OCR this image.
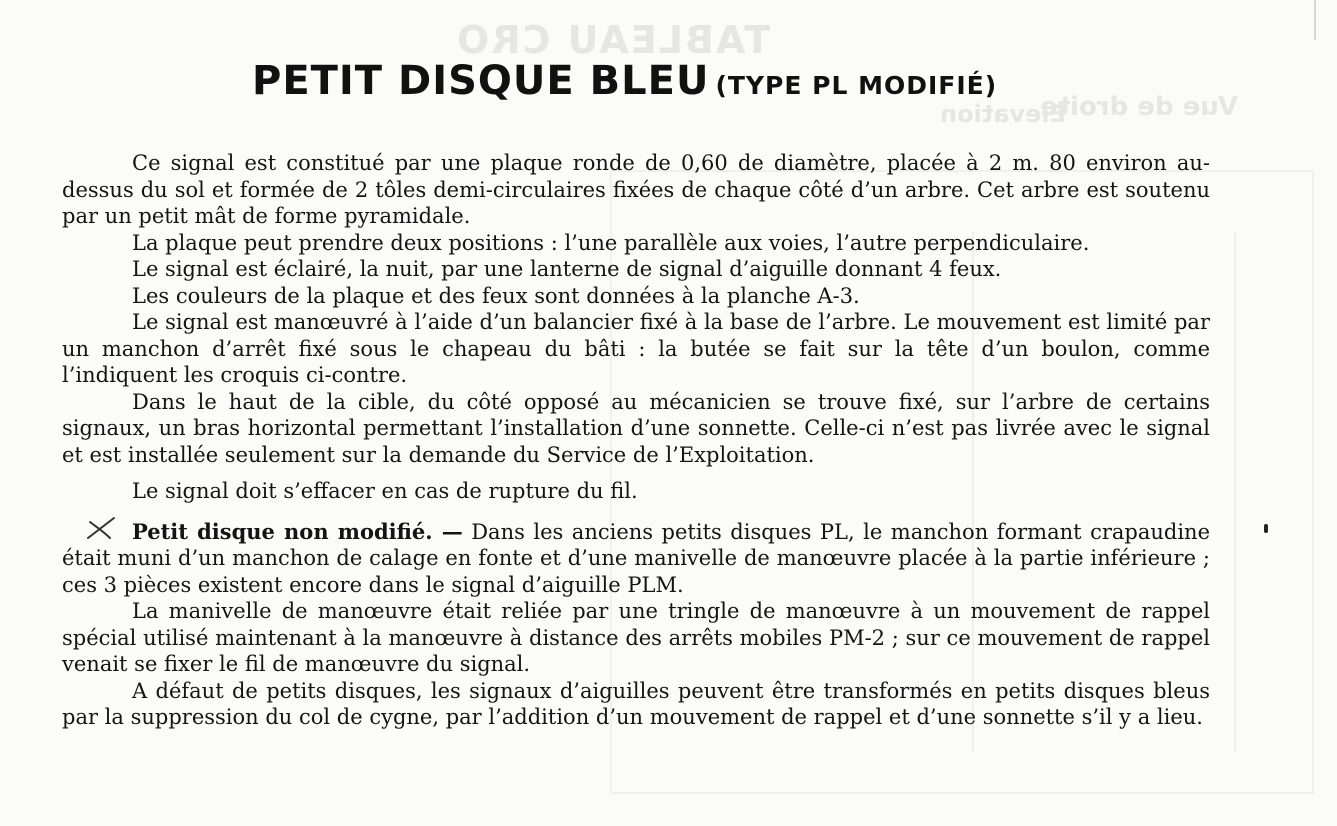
TABLEAU CRO
Vue de droite
Elevation
PETIT DISQUE BLEU (TYPE PL MODIFIÉ)

Ce signal est constitué par une plaque ronde de 0,60 de diamètre, placée à 2 m. 80 environ au-dessus du sol et formée de 2 tôles demi-circulaires fixées de chaque côté d’un arbre. Cet arbre est soutenu par un petit mât de forme pyramidale.

La plaque peut prendre deux positions : l’une parallèle aux voies, l’autre perpendiculaire.

Le signal est éclairé, la nuit, par une lanterne de signal d’aiguille donnant 4 feux.

Les couleurs de la plaque et des feux sont données à la planche A-3.

Le signal est manœuvré à l’aide d’un balancier fixé à la base de l’arbre. Le mouvement est limité par un manchon d’arrêt fixé sous le chapeau du bâti : la butée se fait sur la tête d’un boulon, comme l’indiquent les croquis ci-contre.

Dans le haut de la cible, du côté opposé au mécanicien se trouve fixé, sur l’arbre de certains signaux, un bras horizontal permettant l’installation d’une sonnette. Celle-ci n’est pas livrée avec le signal et est installée seulement sur la demande du Service de l’Exploitation.

Le signal doit s’effacer en cas de rupture du fil.

Petit disque non modifié. — Dans les anciens petits disques PL, le manchon formant crapaudine était muni d’un manchon de calage en fonte et d’une manivelle de manœuvre placée à la partie inférieure ; ces 3 pièces existent encore dans le signal d’aiguille PLM.

La manivelle de manœuvre était reliée par une tringle de manœuvre à un mouvement de rappel spécial utilisé maintenant à la manœuvre à distance des arrêts mobiles PM-2 ; sur ce mouvement de rappel venait se fixer le fil de manœuvre du signal.

A défaut de petits disques, les signaux d’aiguilles peuvent être transformés en petits disques bleus par la suppression du col de cygne, par l’addition d’un mouvement de rappel et d’une sonnette s’il y a lieu.
